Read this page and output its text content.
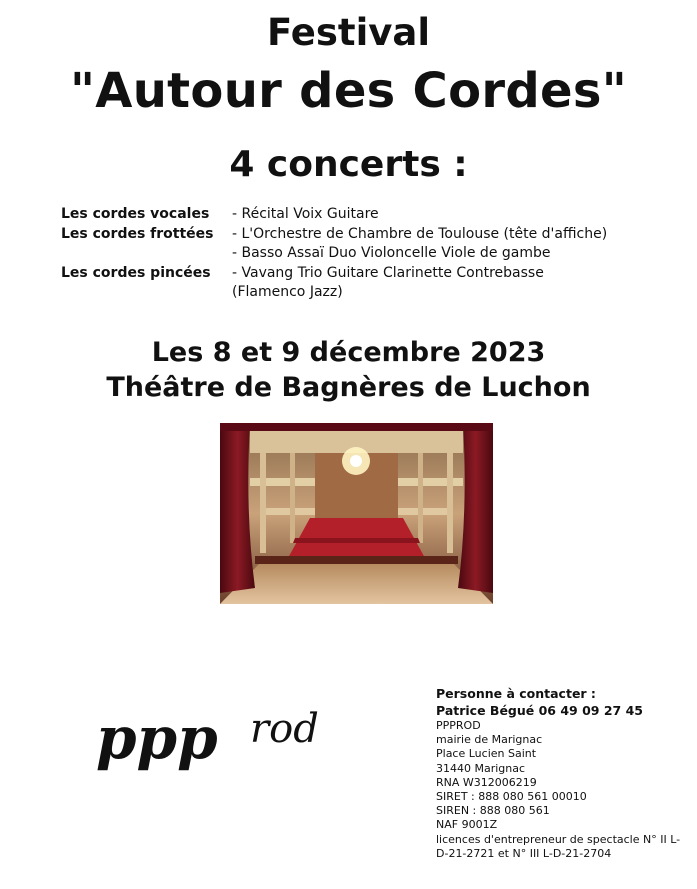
Festival
"Autour des Cordes"
4 concerts :
Les cordes vocales - Récital Voix Guitare
Les cordes frottées - L'Orchestre de Chambre de Toulouse (tête d'affiche)
- Basso Assaï Duo Violoncelle Viole de gambe
Les cordes pincées - Vavang Trio Guitare Clarinette Contrebasse
(Flamenco Jazz)
Les 8 et 9 décembre 2023
Théâtre de Bagnères de Luchon
ppp rod
Personne à contacter :
Patrice Bégué 06 49 09 27 45
PPPROD
mairie de Marignac
Place Lucien Saint
31440 Marignac
RNA W312006219
SIRET : 888 080 561 00010
SIREN : 888 080 561
NAF 9001Z
licences d'entrepreneur de spectacle N° II L-D-21-2721 et N° III L-D-21-2704
